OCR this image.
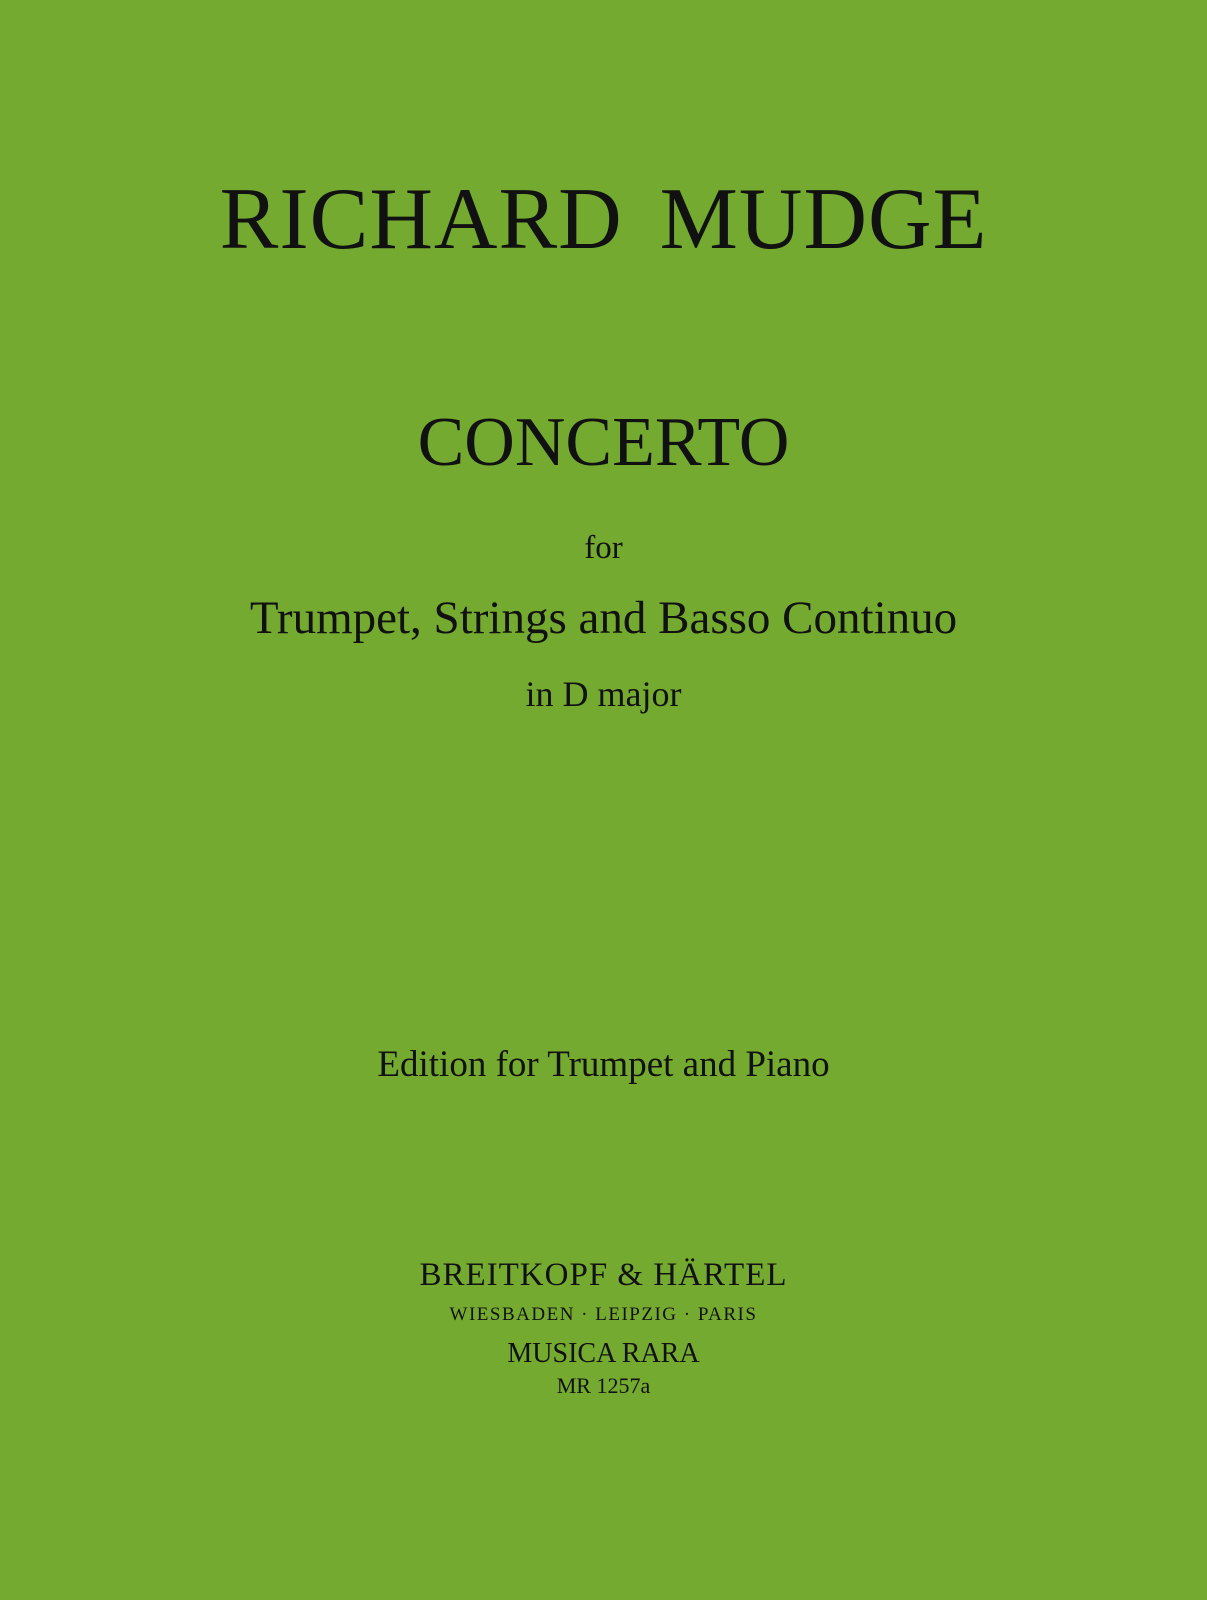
RICHARD MUDGE
CONCERTO
for
Trumpet, Strings and Basso Continuo
in D major
Edition for Trumpet and Piano
BREITKOPF & HÄRTEL
WIESBADEN · LEIPZIG · PARIS
MUSICA RARA
MR 1257a
